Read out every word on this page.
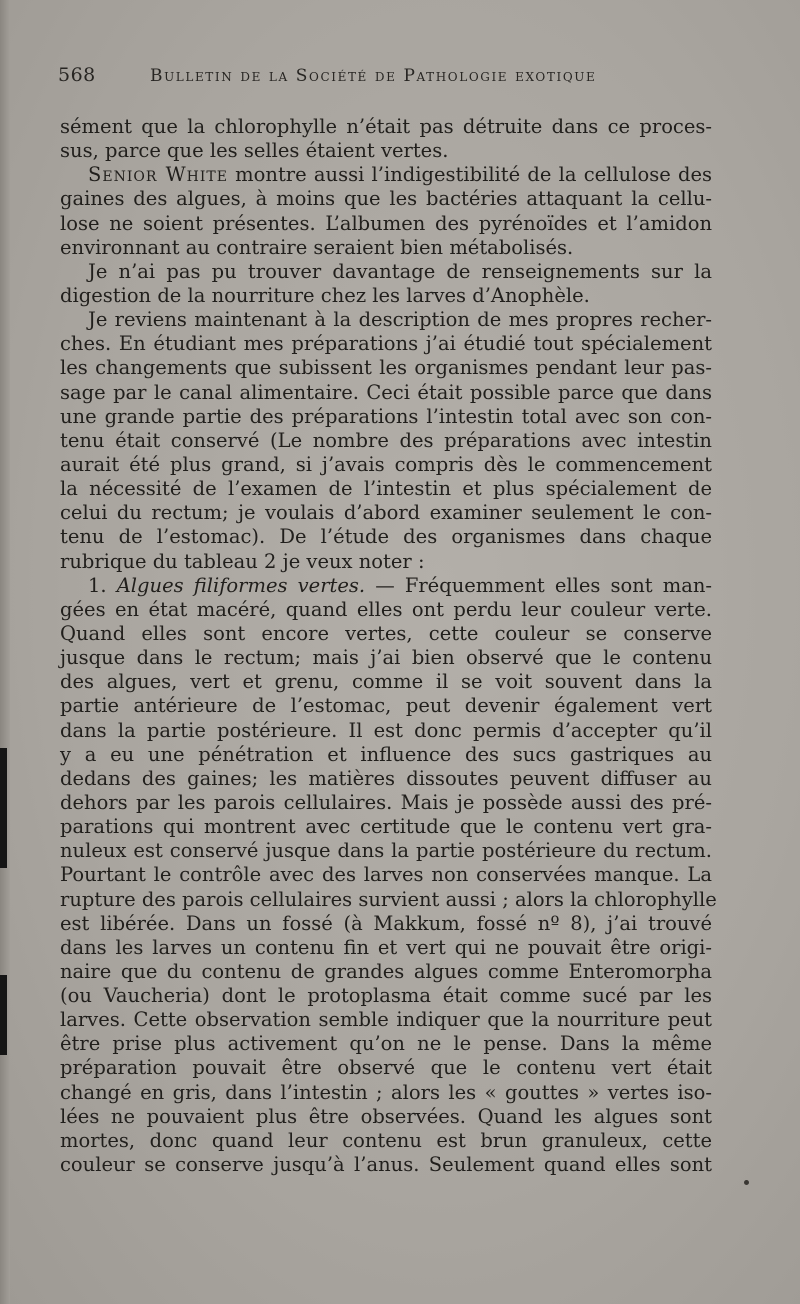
568	Bulletin de la Société de Pathologie exotique
sément que la chlorophylle n’était pas détruite dans ce proces-
sus, parce que les selles étaient vertes.
Senior White montre aussi l’indigestibilité de la cellulose des
gaines des algues, à moins que les bactéries attaquant la cellu-
lose ne soient présentes. L’albumen des pyrénoïdes et l’amidon
environnant au contraire seraient bien métabolisés.
Je n’ai pas pu trouver davantage de renseignements sur la
digestion de la nourriture chez les larves d’Anophèle.
Je reviens maintenant à la description de mes propres recher-
ches. En étudiant mes préparations j’ai étudié tout spécialement
les changements que subissent les organismes pendant leur pas-
sage par le canal alimentaire. Ceci était possible parce que dans
une grande partie des préparations l’intestin total avec son con-
tenu était conservé (Le nombre des préparations avec intestin
aurait été plus grand, si j’avais compris dès le commencement
la nécessité de l’examen de l’intestin et plus spécialement de
celui du rectum; je voulais d’abord examiner seulement le con-
tenu de l’estomac). De l’étude des organismes dans chaque
rubrique du tableau 2 je veux noter :
1. Algues filiformes vertes. — Fréquemment elles sont man-
gées en état macéré, quand elles ont perdu leur couleur verte.
Quand elles sont encore vertes, cette couleur se conserve
jusque dans le rectum; mais j’ai bien observé que le contenu
des algues, vert et grenu, comme il se voit souvent dans la
partie antérieure de l’estomac, peut devenir également vert
dans la partie postérieure. Il est donc permis d’accepter qu’il
y a eu une pénétration et influence des sucs gastriques au
dedans des gaines; les matières dissoutes peuvent diffuser au
dehors par les parois cellulaires. Mais je possède aussi des pré-
parations qui montrent avec certitude que le contenu vert gra-
nuleux est conservé jusque dans la partie postérieure du rectum.
Pourtant le contrôle avec des larves non conservées manque. La
rupture des parois cellulaires survient aussi ; alors la chlorophylle
est libérée. Dans un fossé (à Makkum, fossé nº 8), j’ai trouvé
dans les larves un contenu fin et vert qui ne pouvait être origi-
naire que du contenu de grandes algues comme Enteromorpha
(ou Vaucheria) dont le protoplasma était comme sucé par les
larves. Cette observation semble indiquer que la nourriture peut
être prise plus activement qu’on ne le pense. Dans la même
préparation pouvait être observé que le contenu vert était
changé en gris, dans l’intestin ; alors les « gouttes » vertes iso-
lées ne pouvaient plus être observées. Quand les algues sont
mortes, donc quand leur contenu est brun granuleux, cette
couleur se conserve jusqu’à l’anus. Seulement quand elles sont
